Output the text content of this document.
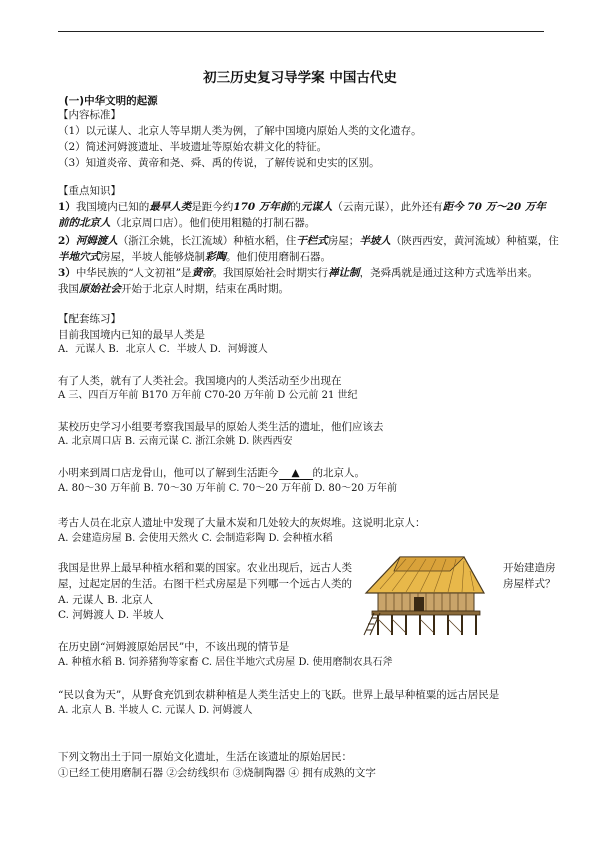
初三历史复习导学案 中国古代史
(一)中华文明的起源
【内容标准】
（1）以元谋人、北京人等早期人类为例，了解中国境内原始人类的文化遗存。
（2）简述河姆渡遗址、半坡遗址等原始农耕文化的特征。
（3）知道炎帝、黄帝和尧、舜、禹的传说，了解传说和史实的区别。
【重点知识】
1）我国境内已知的最早人类是距今约170 万年前的元谋人（云南元谋），此外还有距今 70 万～20 万年
前的北京人（北京周口店）。他们使用粗糙的打制石器。
2）河姆渡人（浙江余姚，长江流域）种植水稻，住干栏式房屋；半坡人（陕西西安，黄河流域）种植粟，住
半地穴式房屋，半坡人能够烧制彩陶。他们使用磨制石器。
3）中华民族的“人文初祖”是黄帝。我国原始社会时期实行禅让制，尧舜禹就是通过这种方式选举出来。
我国原始社会开始于北京人时期，结束在禹时期。
【配套练习】
目前我国境内已知的最早人类是
A．元谋人 B．北京人 C．半坡人 D．河姆渡人
有了人类，就有了人类社会。我国境内的人类活动至少出现在
A 三、四百万年前 B170 万年前 C70-20 万年前 D 公元前 21 世纪
某校历史学习小组要考察我国最早的原始人类生活的遗址，他们应该去
A. 北京周口店 B. 云南元谋 C. 浙江余姚 D. 陕西西安
小明来到周口店龙骨山，他可以了解到生活距今 ▲ 的北京人。
A. 80～30 万年前 B. 70～30 万年前 C. 70～20 万年前 D. 80～20 万年前
考古人员在北京人遗址中发现了大量木炭和几处较大的灰烬堆。这说明北京人：
A. 会建造房屋 B. 会使用天然火 C. 会制造彩陶 D. 会种植水稻
我国是世界上最早种植水稻和粟的国家。农业出现后，远古人类	开始建造房
屋，过起定居的生活。右图干栏式房屋是下列哪一个远古人类的	房屋样式？
A. 元谋人 B. 北京人
C. 河姆渡人 D. 半坡人
在历史剧“河姆渡原始居民”中，不该出现的情节是
A. 种植水稻 B. 饲养猪狗等家畜 C. 居住半地穴式房屋 D. 使用磨制农具石斧
“民以食为天”，从野食充饥到农耕种植是人类生活史上的飞跃。世界上最早种植粟的远古居民是
A. 北京人 B. 半坡人 C. 元谋人 D. 河姆渡人
下列文物出土于同一原始文化遗址，生活在该遗址的原始居民：
①已经工使用磨制石器 ②会纺线织布 ③烧制陶器 ④ 拥有成熟的文字
